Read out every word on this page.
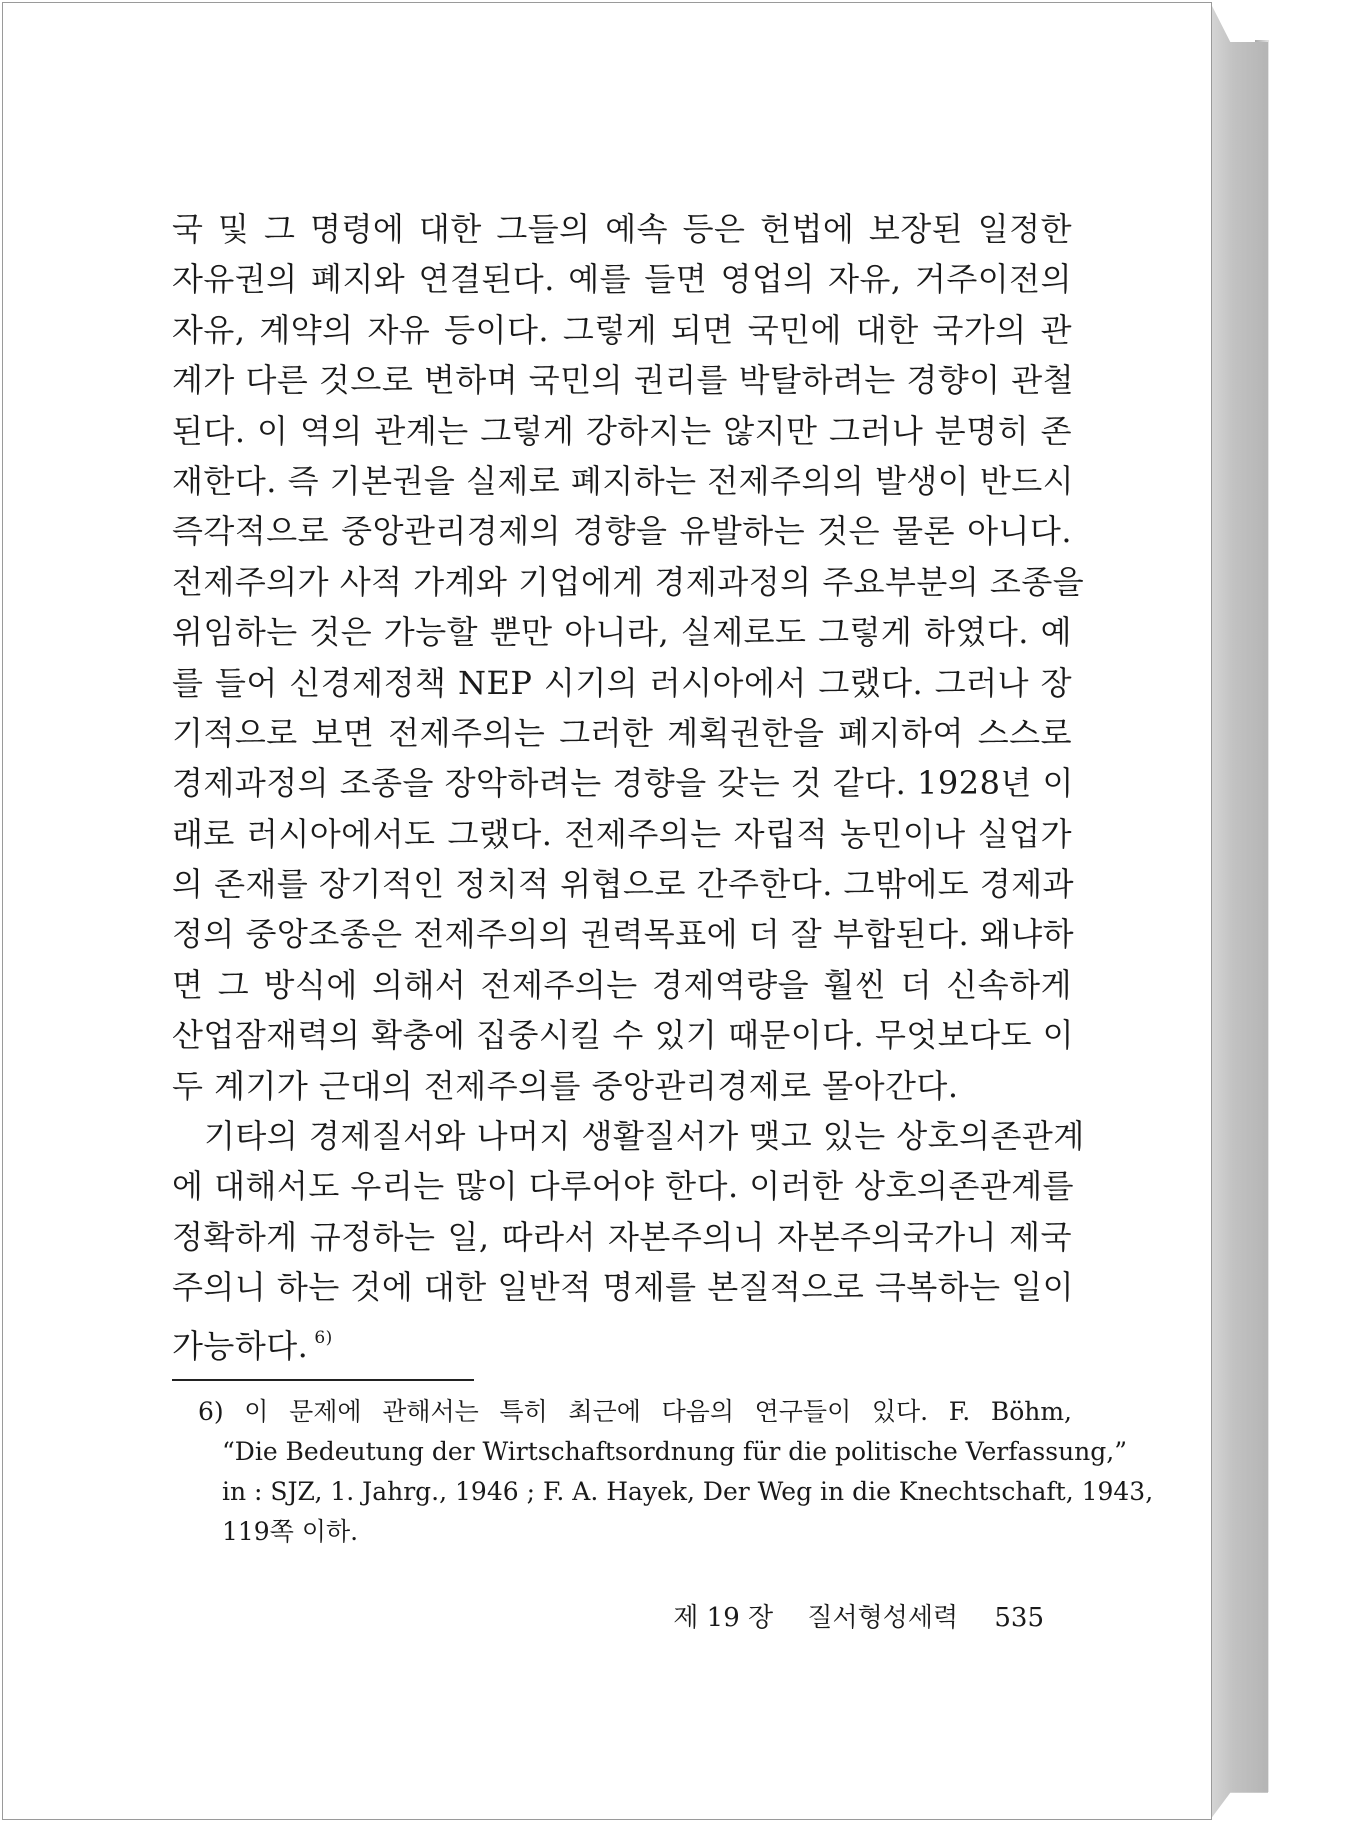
국 및 그 명령에 대한 그들의 예속 등은 헌법에 보장된 일정한
자유권의 폐지와 연결된다. 예를 들면 영업의 자유, 거주이전의
자유, 계약의 자유 등이다. 그렇게 되면 국민에 대한 국가의 관
계가 다른 것으로 변하며 국민의 권리를 박탈하려는 경향이 관철
된다. 이 역의 관계는 그렇게 강하지는 않지만 그러나 분명히 존
재한다. 즉 기본권을 실제로 폐지하는 전제주의의 발생이 반드시
즉각적으로 중앙관리경제의 경향을 유발하는 것은 물론 아니다.
전제주의가 사적 가계와 기업에게 경제과정의 주요부분의 조종을
위임하는 것은 가능할 뿐만 아니라, 실제로도 그렇게 하였다. 예
를 들어 신경제정책 NEP 시기의 러시아에서 그랬다. 그러나 장
기적으로 보면 전제주의는 그러한 계획권한을 폐지하여 스스로
경제과정의 조종을 장악하려는 경향을 갖는 것 같다. 1928년 이
래로 러시아에서도 그랬다. 전제주의는 자립적 농민이나 실업가
의 존재를 장기적인 정치적 위협으로 간주한다. 그밖에도 경제과
정의 중앙조종은 전제주의의 권력목표에 더 잘 부합된다. 왜냐하
면 그 방식에 의해서 전제주의는 경제역량을 훨씬 더 신속하게
산업잠재력의 확충에 집중시킬 수 있기 때문이다. 무엇보다도 이
두 계기가 근대의 전제주의를 중앙관리경제로 몰아간다.
기타의 경제질서와 나머지 생활질서가 맺고 있는 상호의존관계
에 대해서도 우리는 많이 다루어야 한다. 이러한 상호의존관계를
정확하게 규정하는 일, 따라서 자본주의니 자본주의국가니 제국
주의니 하는 것에 대한 일반적 명제를 본질적으로 극복하는 일이
가능하다. $^{6)}$
6) 이 문제에 관해서는 특히 최근에 다음의 연구들이 있다. F. Böhm,
“Die Bedeutung der Wirtschaftsordnung für die politische Verfassung,”
in : SJZ, 1. Jahrg., 1946 ; F. A. Hayek, Der Weg in die Knechtschaft, 1943,
119쪽 이하.
제 19 장 질서형성세력 535
